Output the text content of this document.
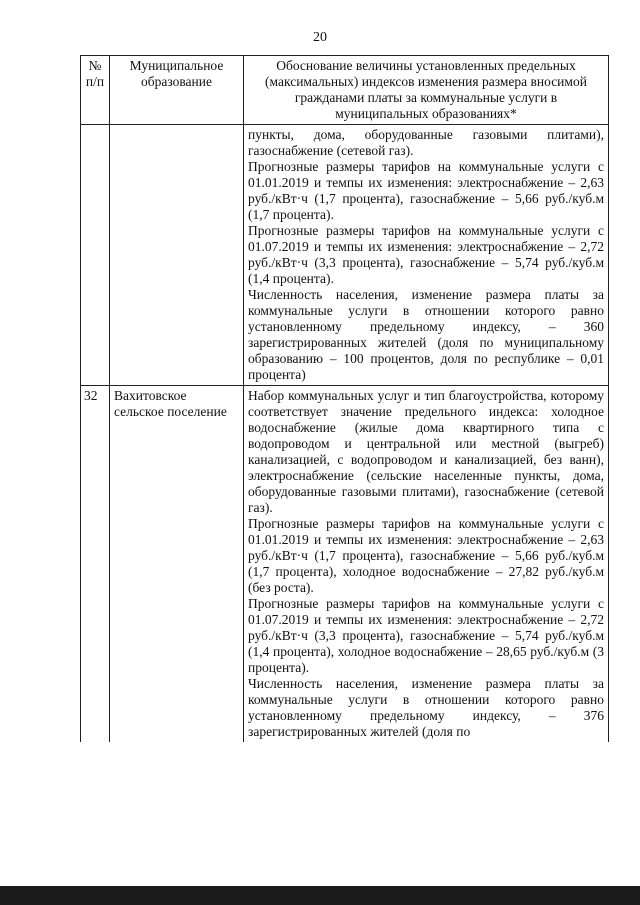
20
№ п/п	Муниципальное образование	Обоснование величины установленных предельных (максимальных) индексов изменения размера вносимой гражданами платы за коммунальные услуги в муниципальных образованиях*

		пункты, дома, оборудованные газовыми плитами), газоснабжение (сетевой газ).

Прогнозные размеры тарифов на коммунальные услуги с 01.01.2019 и темпы их изменения: электроснабжение – 2,63 руб./кВт·ч (1,7 процента), газоснабжение – 5,66 руб./куб.м (1,7 процента).

Прогнозные размеры тарифов на коммунальные услуги с 01.07.2019 и темпы их изменения: электроснабжение – 2,72 руб./кВт·ч (3,3 процента), газоснабжение – 5,74 руб./куб.м (1,4 процента).

Численность населения, изменение размера платы за коммунальные услуги в отношении которого равно установленному предельному индексу, – 360 зарегистрированных жителей (доля по муниципальному образованию – 100 процентов, доля по республике – 0,01 процента)

32	Вахитовское сельское поселение	Набор коммунальных услуг и тип благоустройства, которому соответствует значение предельного индекса: холодное водоснабжение (жилые дома квартирного типа с водопроводом и центральной или местной (выгреб) канализацией, с водопроводом и канализацией, без ванн), электроснабжение (сельские населенные пункты, дома, оборудованные газовыми плитами), газоснабжение (сетевой газ).

Прогнозные размеры тарифов на коммунальные услуги с 01.01.2019 и темпы их изменения: электроснабжение – 2,63 руб./кВт·ч (1,7 процента), газоснабжение – 5,66 руб./куб.м (1,7 процента), холодное водоснабжение – 27,82 руб./куб.м (без роста).

Прогнозные размеры тарифов на коммунальные услуги с 01.07.2019 и темпы их изменения: электроснабжение – 2,72 руб./кВт·ч (3,3 процента), газоснабжение – 5,74 руб./куб.м (1,4 процента), холодное водоснабжение – 28,65 руб./куб.м (3 процента).

Численность населения, изменение размера платы за коммунальные услуги в отношении которого равно установленному предельному индексу, – 376 зарегистрированных жителей (доля по
